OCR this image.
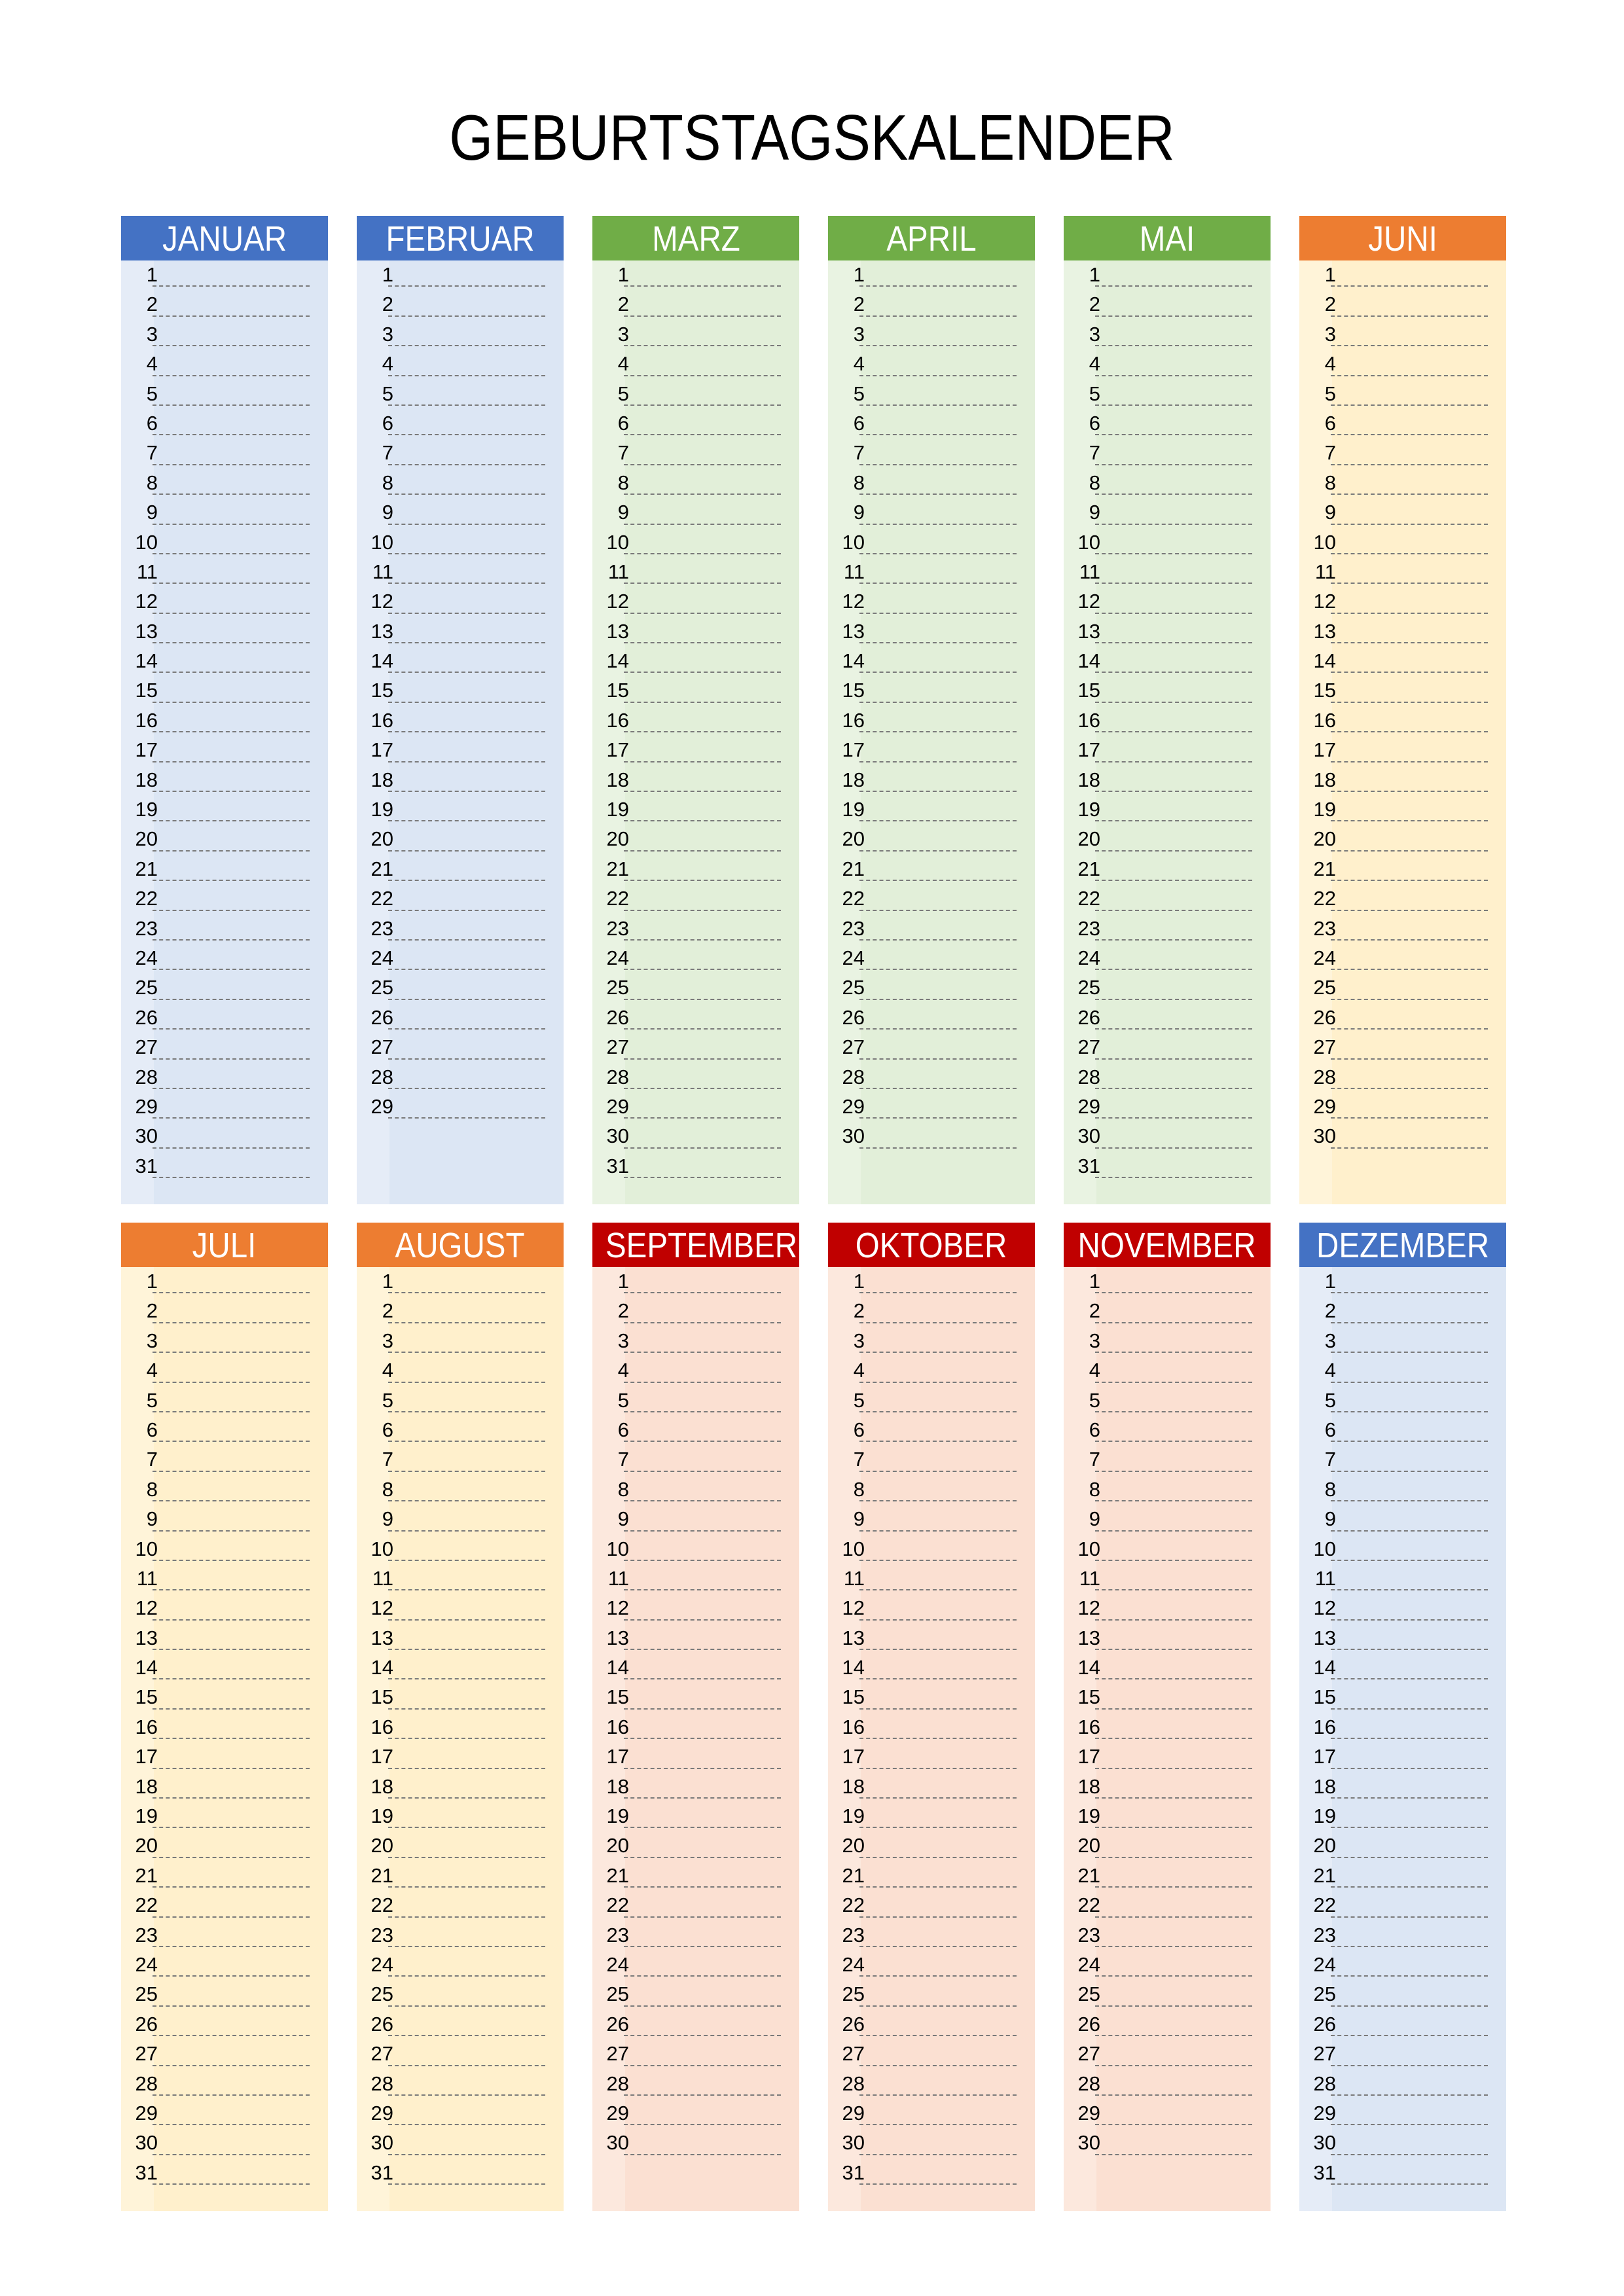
GEBURTSTAGSKALENDER
JANUAR
1
2
3
4
5
6
7
8
9
10
11
12
13
14
15
16
17
18
19
20
21
22
23
24
25
26
27
28
29
30
31
FEBRUAR
1
2
3
4
5
6
7
8
9
10
11
12
13
14
15
16
17
18
19
20
21
22
23
24
25
26
27
28
29
MARZ
1
2
3
4
5
6
7
8
9
10
11
12
13
14
15
16
17
18
19
20
21
22
23
24
25
26
27
28
29
30
31
APRIL
1
2
3
4
5
6
7
8
9
10
11
12
13
14
15
16
17
18
19
20
21
22
23
24
25
26
27
28
29
30
MAI
1
2
3
4
5
6
7
8
9
10
11
12
13
14
15
16
17
18
19
20
21
22
23
24
25
26
27
28
29
30
31
JUNI
1
2
3
4
5
6
7
8
9
10
11
12
13
14
15
16
17
18
19
20
21
22
23
24
25
26
27
28
29
30
JULI
1
2
3
4
5
6
7
8
9
10
11
12
13
14
15
16
17
18
19
20
21
22
23
24
25
26
27
28
29
30
31
AUGUST
1
2
3
4
5
6
7
8
9
10
11
12
13
14
15
16
17
18
19
20
21
22
23
24
25
26
27
28
29
30
31
SEPTEMBER
1
2
3
4
5
6
7
8
9
10
11
12
13
14
15
16
17
18
19
20
21
22
23
24
25
26
27
28
29
30
OKTOBER
1
2
3
4
5
6
7
8
9
10
11
12
13
14
15
16
17
18
19
20
21
22
23
24
25
26
27
28
29
30
31
NOVEMBER
1
2
3
4
5
6
7
8
9
10
11
12
13
14
15
16
17
18
19
20
21
22
23
24
25
26
27
28
29
30
DEZEMBER
1
2
3
4
5
6
7
8
9
10
11
12
13
14
15
16
17
18
19
20
21
22
23
24
25
26
27
28
29
30
31
